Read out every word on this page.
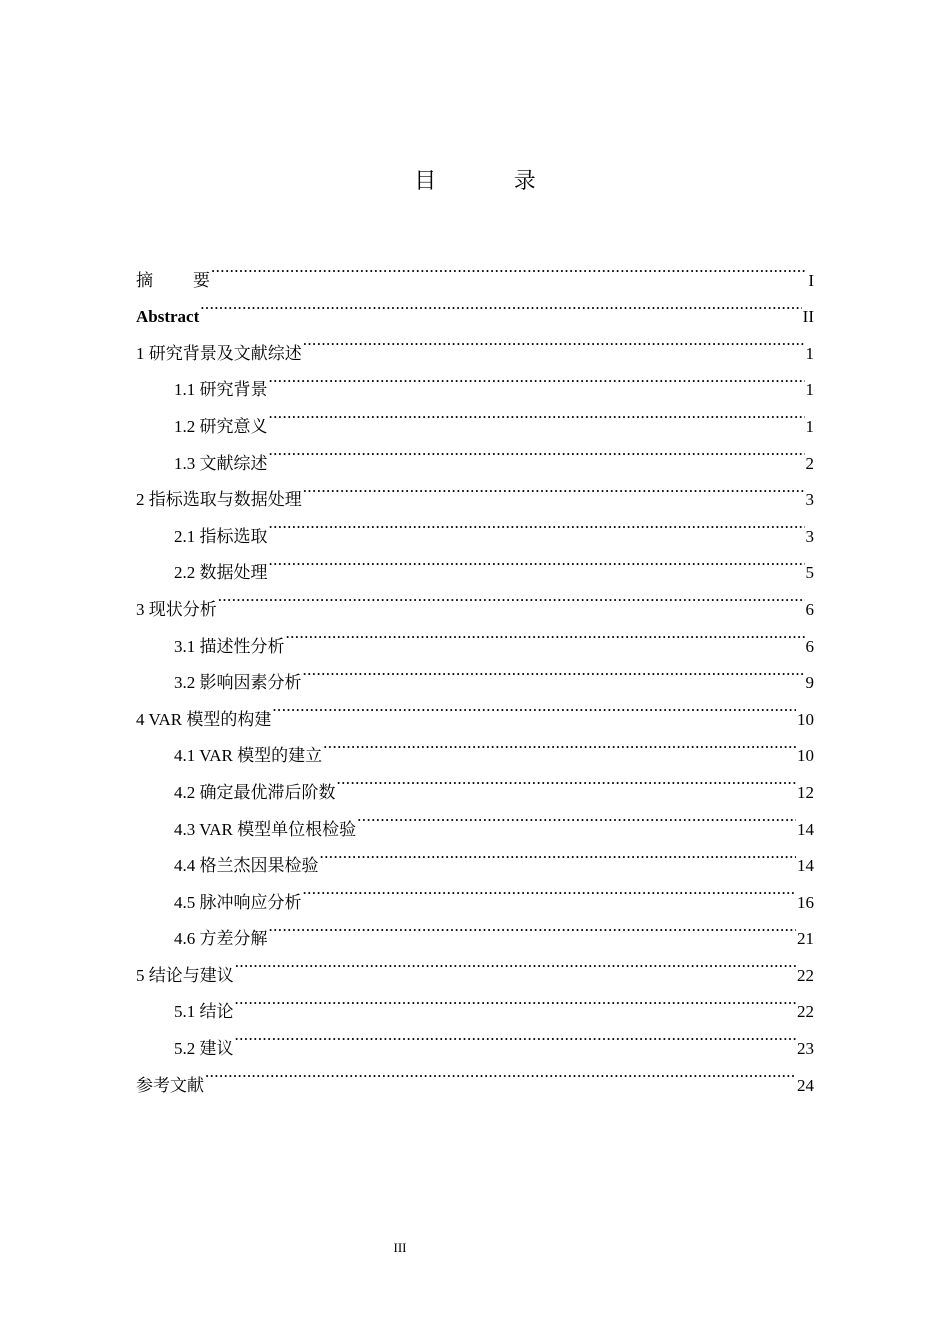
目 录
摘 要 .....	I
Abstract .....	II
1 研究背景及文献综述 .....	1
1.1 研究背景 .....	1
1.2 研究意义 .....	1
1.3 文献综述 .....	2
2 指标选取与数据处理 .....	3
2.1 指标选取 .....	3
2.2 数据处理 .....	5
3 现状分析 .....	6
3.1 描述性分析 .....	6
3.2 影响因素分析 .....	9
4 VAR 模型的构建 .....	10
4.1 VAR 模型的建立 .....	10
4.2 确定最优滞后阶数 .....	12
4.3 VAR 模型单位根检验 .....	14
4.4 格兰杰因果检验 .....	14
4.5 脉冲响应分析 .....	16
4.6 方差分解 .....	21
5 结论与建议 .....	22
5.1 结论 .....	22
5.2 建议 .....	23
参考文献 .....	24
III
